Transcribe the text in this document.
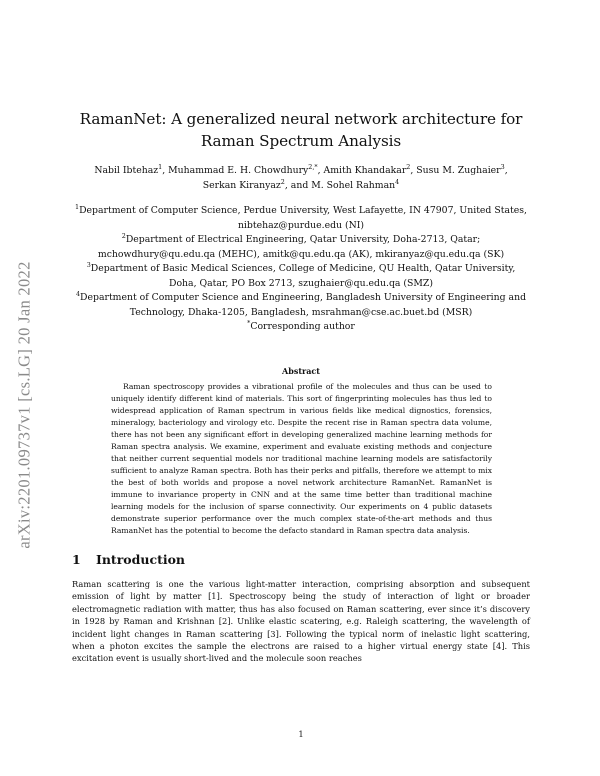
arXiv:2201.09737v1 [cs.LG] 20 Jan 2022
RamanNet: A generalized neural network architecture for Raman Spectrum Analysis
Nabil Ibtehaz$^1$, Muhammad E. H. Chowdhury$^{2,*}$, Amith Khandakar$^2$, Susu M. Zughaier$^3$,
Serkan Kiranyaz$^2$, and M. Sohel Rahman$^4$
$^1$Department of Computer Science, Perdue University, West Lafayette, IN 47907, United States, nibtehaz@purdue.edu (NI)
$^2$Department of Electrical Engineering, Qatar University, Doha-2713, Qatar; mchowdhury@qu.edu.qa (MEHC), amitk@qu.edu.qa (AK), mkiranyaz@qu.edu.qa (SK)
$^3$Department of Basic Medical Sciences, College of Medicine, QU Health, Qatar University, Doha, Qatar, PO Box 2713, szughaier@qu.edu.qa (SMZ)
$^4$Department of Computer Science and Engineering, Bangladesh University of Engineering and Technology, Dhaka-1205, Bangladesh, msrahman@cse.ac.buet.bd (MSR)
*Corresponding author
Abstract
Raman spectroscopy provides a vibrational profile of the molecules and thus can be used to uniquely identify different kind of materials. This sort of fingerprinting molecules has thus led to widespread application of Raman spectrum in various fields like medical dignostics, forensics, mineralogy, bacteriology and virology etc. Despite the recent rise in Raman spectra data volume, there has not been any significant effort in developing generalized machine learning methods for Raman spectra analysis. We examine, experiment and evaluate existing methods and conjecture that neither current sequential models nor traditional machine learning models are satisfactorily sufficient to analyze Raman spectra. Both has their perks and pitfalls, therefore we attempt to mix the best of both worlds and propose a novel network architecture RamanNet. RamanNet is immune to invariance property in CNN and at the same time better than traditional machine learning models for the inclusion of sparse connectivity. Our experiments on 4 public datasets demonstrate superior performance over the much complex state-of-the-art methods and thus RamanNet has the potential to become the defacto standard in Raman spectra data analysis.
1 Introduction
Raman scattering is one the various light-matter interaction, comprising absorption and subsequent emission of light by matter [1]. Spectroscopy being the study of interaction of light or broader electromagnetic radiation with matter, thus has also focused on Raman scattering, ever since it’s discovery in 1928 by Raman and Krishnan [2]. Unlike elastic scatering, e.g. Raleigh scattering, the wavelength of incident light changes in Raman scattering [3]. Following the typical norm of inelastic light scattering, when a photon excites the sample the electrons are raised to a higher virtual energy state [4]. This excitation event is usually short-lived and the molecule soon reaches
1
